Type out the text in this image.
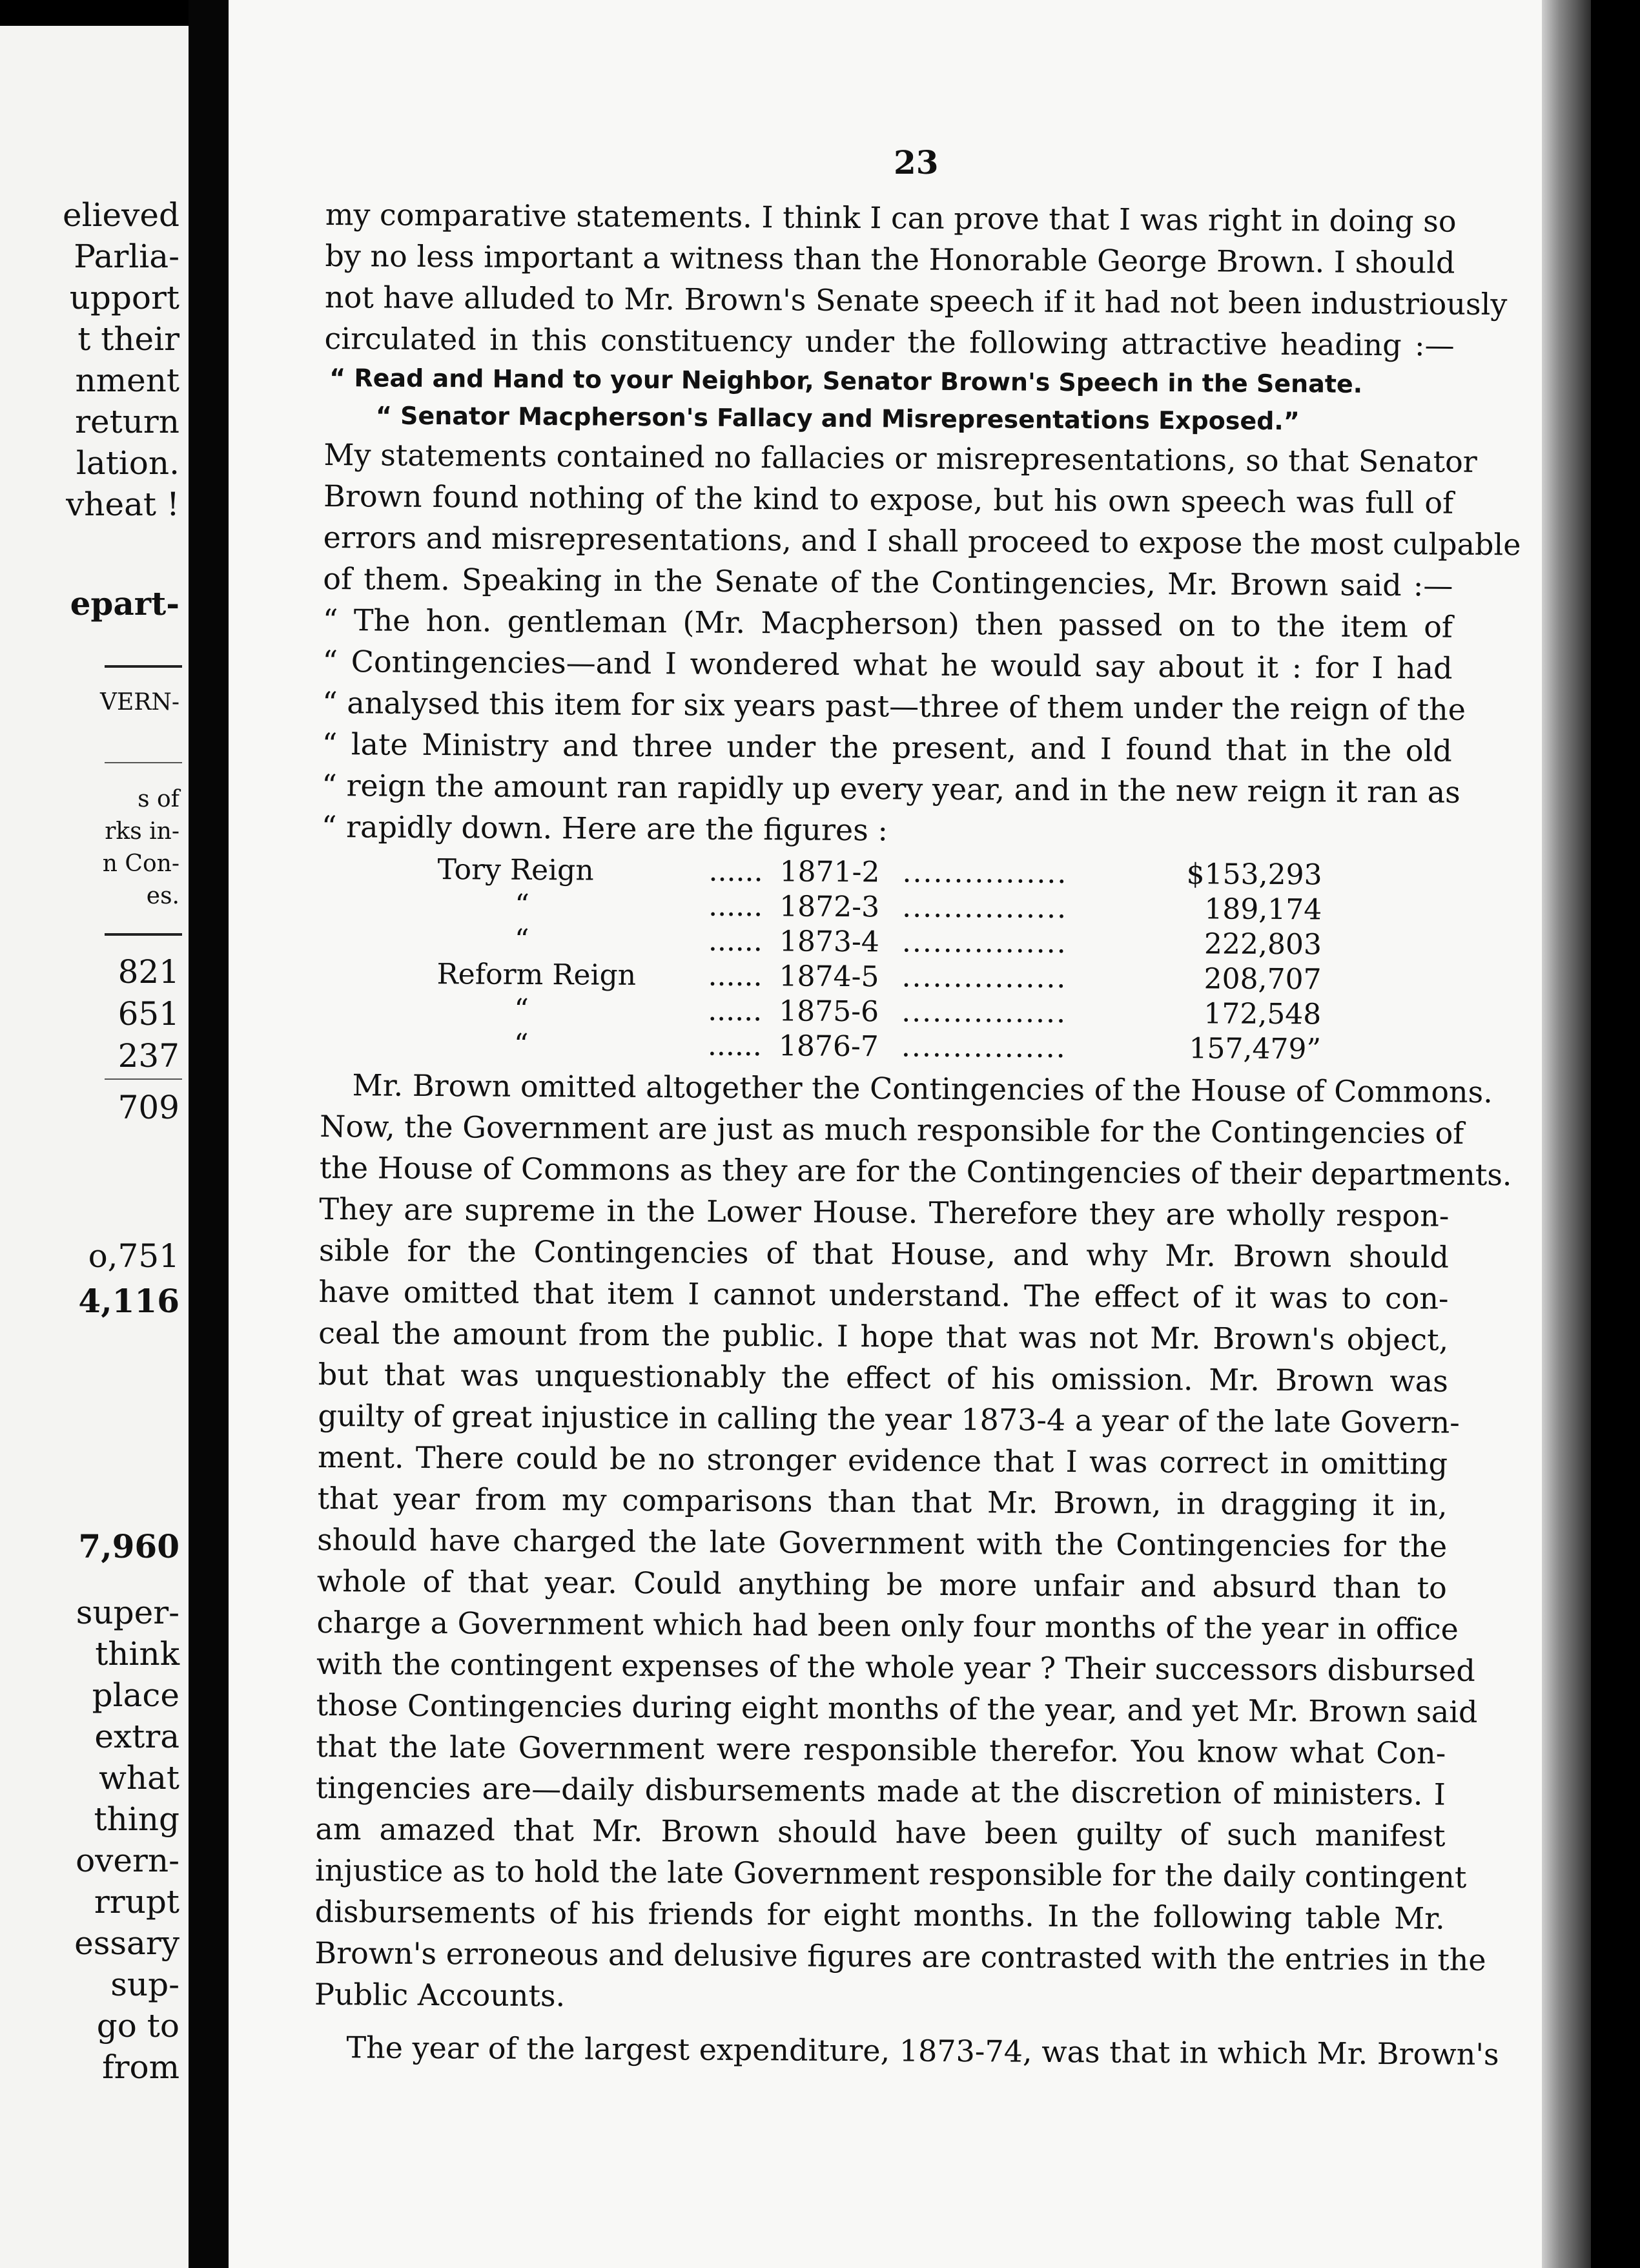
elieved
Parlia-
upport
t their
nment
return
lation.
vheat !
epart-
VERN-
s of
rks in-
n Con-
es.
821
651
237
709
o,751
4,116
7,960
super-
think
place
extra
what
thing
overn-
rrupt
essary
sup-
go to
from
23
my comparative statements. I think I can prove that I was right in doing so
by no less important a witness than the Honorable George Brown. I should
not have alluded to Mr. Brown's Senate speech if it had not been industriously
circulated in this constituency under the following attractive heading :—
“ Read and Hand to your Neighbor, Senator Brown's Speech in the Senate.
“ Senator Macpherson's Fallacy and Misrepresentations Exposed.”
My statements contained no fallacies or misrepresentations, so that Senator
Brown found nothing of the kind to expose, but his own speech was full of
errors and misrepresentations, and I shall proceed to expose the most culpable
of them. Speaking in the Senate of the Contingencies, Mr. Brown said :—
“ The hon. gentleman (Mr. Macpherson) then passed on to the item of
“ Contingencies—and I wondered what he would say about it : for I had
“ analysed this item for six years past—three of them under the reign of the
“ late Ministry and three under the present, and I found that in the old
“ reign the amount ran rapidly up every year, and in the new reign it ran as
“ rapidly down. Here are the figures :
Tory Reign	......	1871-2	................	$153,293
“	......	1872-3	................	189,174
“	......	1873-4	................	222,803
Reform Reign	......	1874-5	................	208,707
“	......	1875-6	................	172,548
“	......	1876-7	................	157,479”
Mr. Brown omitted altogether the Contingencies of the House of Commons.
Now, the Government are just as much responsible for the Contingencies of
the House of Commons as they are for the Contingencies of their departments.
They are supreme in the Lower House. Therefore they are wholly respon-
sible for the Contingencies of that House, and why Mr. Brown should
have omitted that item I cannot understand. The effect of it was to con-
ceal the amount from the public. I hope that was not Mr. Brown's object,
but that was unquestionably the effect of his omission. Mr. Brown was
guilty of great injustice in calling the year 1873-4 a year of the late Govern-
ment. There could be no stronger evidence that I was correct in omitting
that year from my comparisons than that Mr. Brown, in dragging it in,
should have charged the late Government with the Contingencies for the
whole of that year. Could anything be more unfair and absurd than to
charge a Government which had been only four months of the year in office
with the contingent expenses of the whole year ? Their successors disbursed
those Contingencies during eight months of the year, and yet Mr. Brown said
that the late Government were responsible therefor. You know what Con-
tingencies are—daily disbursements made at the discretion of ministers. I
am amazed that Mr. Brown should have been guilty of such manifest
injustice as to hold the late Government responsible for the daily contingent
disbursements of his friends for eight months. In the following table Mr.
Brown's erroneous and delusive figures are contrasted with the entries in the
Public Accounts.
The year of the largest expenditure, 1873-74, was that in which Mr. Brown's
